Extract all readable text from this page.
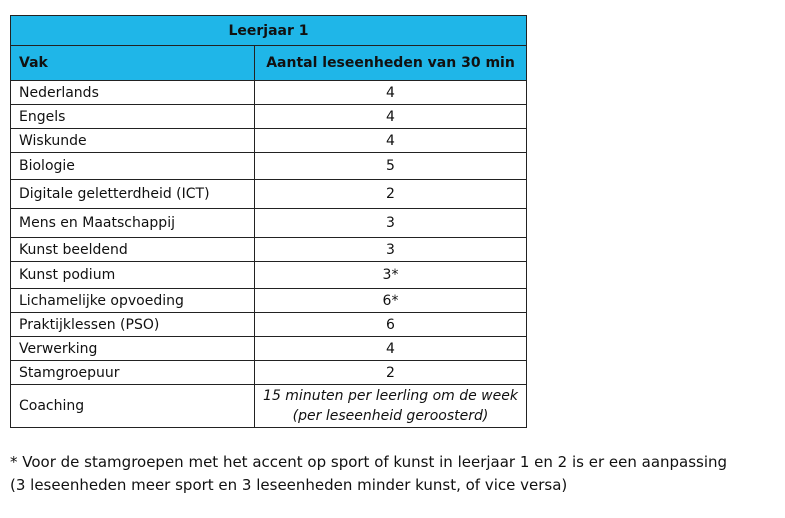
Leerjaar 1	
Vak	Aantal leseenheden van 30 min
Nederlands	4
Engels	4
Wiskunde	4
Biologie	5
Digitale geletterdheid (ICT)	2
Mens en Maatschappij	3
Kunst beeldend	3
Kunst podium	3*
Lichamelijke opvoeding	6*
Praktijklessen (PSO)	6
Verwerking	4
Stamgroepuur	2
Coaching	15 minuten per leerling om de week
(per leseenheid geroosterd)

* Voor de stamgroepen met het accent op sport of kunst in leerjaar 1 en 2 is er een aanpassing

(3 leseenheden meer sport en 3 leseenheden minder kunst, of vice versa)
